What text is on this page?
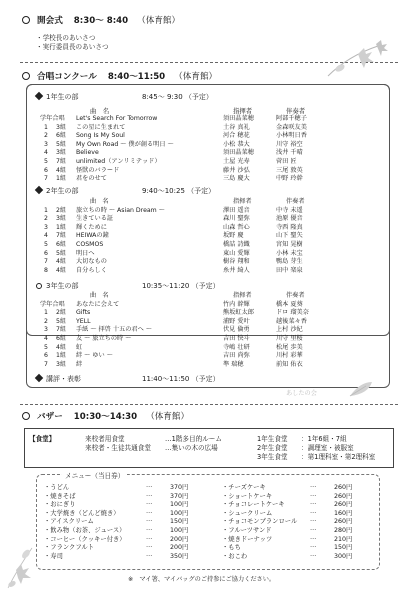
開会式 8:30～ 8:40 （体育館）
・学校長のあいさつ
・実行委員長のあいさつ
合唱コンクール 8:40～11:50 （体育館）
1年生の部	8:45～ 9:30 （予定）
曲　名	指揮者	伴奏者
学年合唱 Let's Search For Tomorrow	須田晶菜穂	阿部千穂子
1 3組 この星に生まれて	土谷 真礼	金森咲友美
2 6組 Song Is My Soul	河合 穂花	小林明日香
3 5組 My Own Road ～ 僕が創る明日 ～	小松 恭大	川守 裕空
4 3組 Believe	須田晶菜穂	浅井 千晴
5 7組 unlimited（アンリミテッド）	土屋 光寿	菅田 匠
6 4組 怪獣のバラード	藤井 沙弘	三尾 敦英
7 1組 君をのせて	三島 慶大	中野 玲幹
2年生の部	9:40～10:25 （予定）
曲　名	指揮者	伴奏者
1 2組 旅立ちの時 ～ Asian Dream ～	澤田 遥音	中寺 未遥
2 3組 生きている証	森川 聖弥	池原 優音
3 1組 輝くために	山森 哲心	寺西 隆真
4 7組 HEIWAの鐘	坂野 慶	山下 聖矢
5 6組 COSMOS	橋詰 詩織	宮知 晃樹
6 5組 明日へ	東山 愛輝	小林 未宝
7 4組 大切なもの	樹谷 翔和	鴨島 芽生
8 4組 自分らしく	糸井 綺人	田中 楽泉
3年生の部	10:35～11:20 （予定）
曲　名	指揮者	伴奏者
学年合唱 あなたに会えて	竹内 幹輝	橋本 夏葵
1 2組 Gifts	熊坂虹太郎	ドロ 瑠美奈
2 5組 YELL	浦野 愛叶	越後菜々香
3 7組 手紙 ～ 拝啓 十五の君へ ～	伏見 倫勇	上村 沙紀
4 6組 友 ～ 旅立ちの時 ～	吉田 快斗	川守 里桜
5 4組 虹	寺嶋 壮研	松尾 歩美
6 1組 絆 ～ ゆい ～	吉田 尚弥	川村 彩華
7 3組 絆	準 瑞穂	前知 佑衣
講評・表彰	11:40～11:50 （予定）
あしたの会
バザー 10:30～14:30 （体育館）
【食堂】	来校者用食堂	…1階多目的ルーム	1年生食堂 ：1年6組・7組
来校者・生徒共通食堂 …集いの木の広場	2年生食堂 ：調理室・被服室
3年生食堂 ：第1理科室・第2理科室
メニュー（当日券）
・うどん	…	370円
・焼きそば	…	370円
・おにぎり	…	100円
・大学焼き（どんど焼き）	…	100円
・アイスクリーム	…	150円
・飲み物（お茶、ジュース）	…	100円
・コーヒー（クッキー付き）	…	200円
・フランクフルト	…	200円
・寿司	…	350円
・チーズケーキ	…	260円
・ショートケーキ	…	260円
・チョコレートケーキ	…	260円
・シュークリーム	…	160円
・チョコモンブランロール …	260円
・フルーツサンド	…	280円
・焼きドーナッツ	…	210円
・もち	…	150円
・おこわ	…	300円
※　マイ箸、マイバッグのご持参にご協力ください。
